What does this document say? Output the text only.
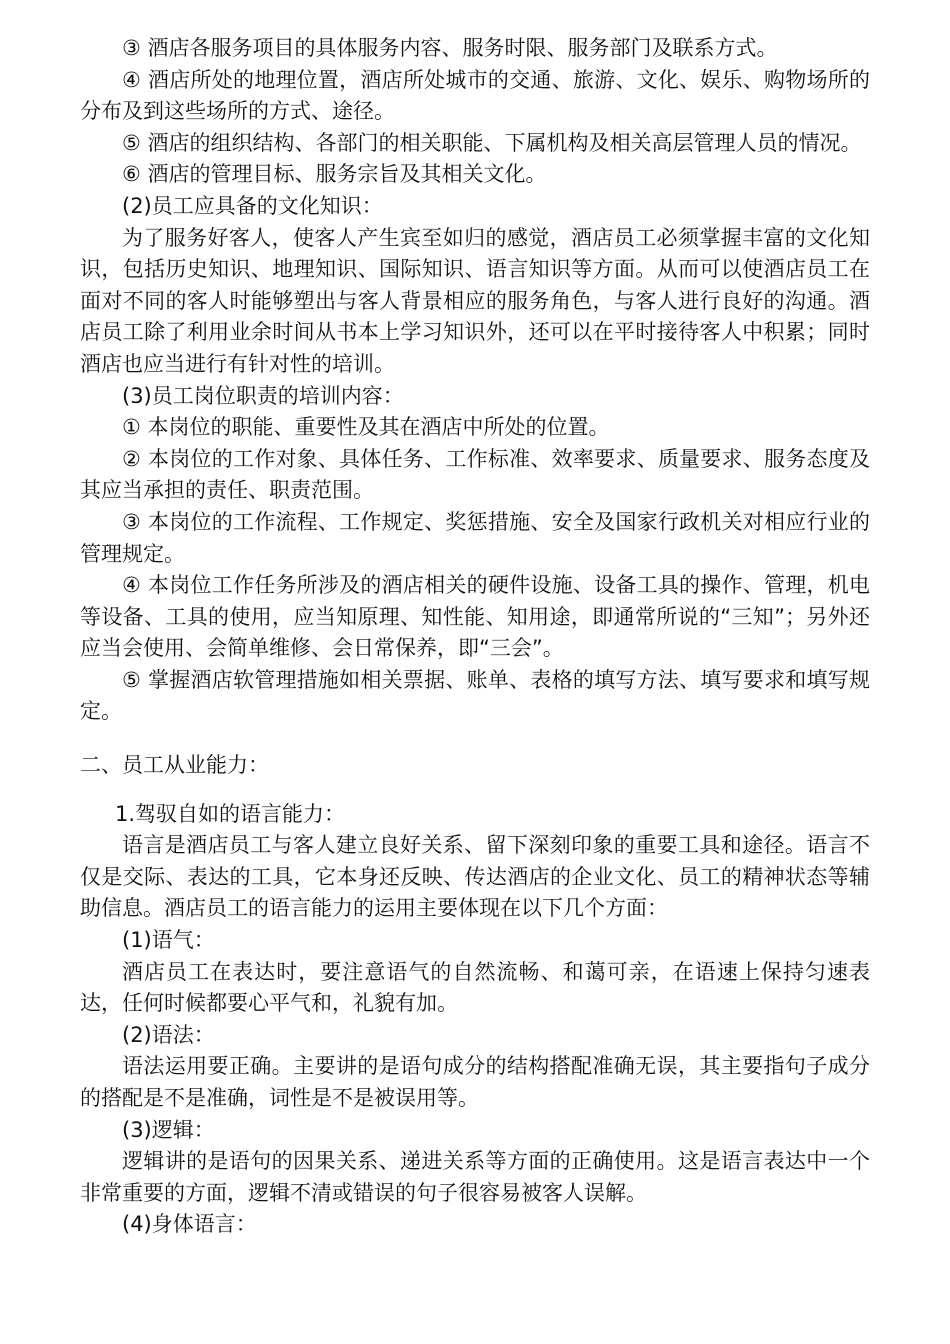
③ 酒店各服务项目的具体服务内容、服务时限、服务部门及联系方式。

④ 酒店所处的地理位置，酒店所处城市的交通、旅游、文化、娱乐、购物场所的分布及到这些场所的方式、途径。

⑤ 酒店的组织结构、各部门的相关职能、下属机构及相关高层管理人员的情况。

⑥ 酒店的管理目标、服务宗旨及其相关文化。

(2)员工应具备的文化知识：

为了服务好客人，使客人产生宾至如归的感觉，酒店员工必须掌握丰富的文化知识，包括历史知识、地理知识、国际知识、语言知识等方面。从而可以使酒店员工在面对不同的客人时能够塑出与客人背景相应的服务角色，与客人进行良好的沟通。酒店员工除了利用业余时间从书本上学习知识外，还可以在平时接待客人中积累；同时酒店也应当进行有针对性的培训。

(3)员工岗位职责的培训内容：

① 本岗位的职能、重要性及其在酒店中所处的位置。

② 本岗位的工作对象、具体任务、工作标准、效率要求、质量要求、服务态度及其应当承担的责任、职责范围。

③ 本岗位的工作流程、工作规定、奖惩措施、安全及国家行政机关对相应行业的管理规定。

④ 本岗位工作任务所涉及的酒店相关的硬件设施、设备工具的操作、管理，机电等设备、工具的使用，应当知原理、知性能、知用途，即通常所说的“三知”；另外还应当会使用、会简单维修、会日常保养，即“三会”。

⑤ 掌握酒店软管理措施如相关票据、账单、表格的填写方法、填写要求和填写规定。

二、员工从业能力：

1.驾驭自如的语言能力：

语言是酒店员工与客人建立良好关系、留下深刻印象的重要工具和途径。语言不仅是交际、表达的工具，它本身还反映、传达酒店的企业文化、员工的精神状态等辅助信息。酒店员工的语言能力的运用主要体现在以下几个方面：

(1)语气：

酒店员工在表达时，要注意语气的自然流畅、和蔼可亲，在语速上保持匀速表达，任何时候都要心平气和，礼貌有加。

(2)语法：

语法运用要正确。主要讲的是语句成分的结构搭配准确无误，其主要指句子成分的搭配是不是准确，词性是不是被误用等。

(3)逻辑：

逻辑讲的是语句的因果关系、递进关系等方面的正确使用。这是语言表达中一个非常重要的方面，逻辑不清或错误的句子很容易被客人误解。

(4)身体语言：
